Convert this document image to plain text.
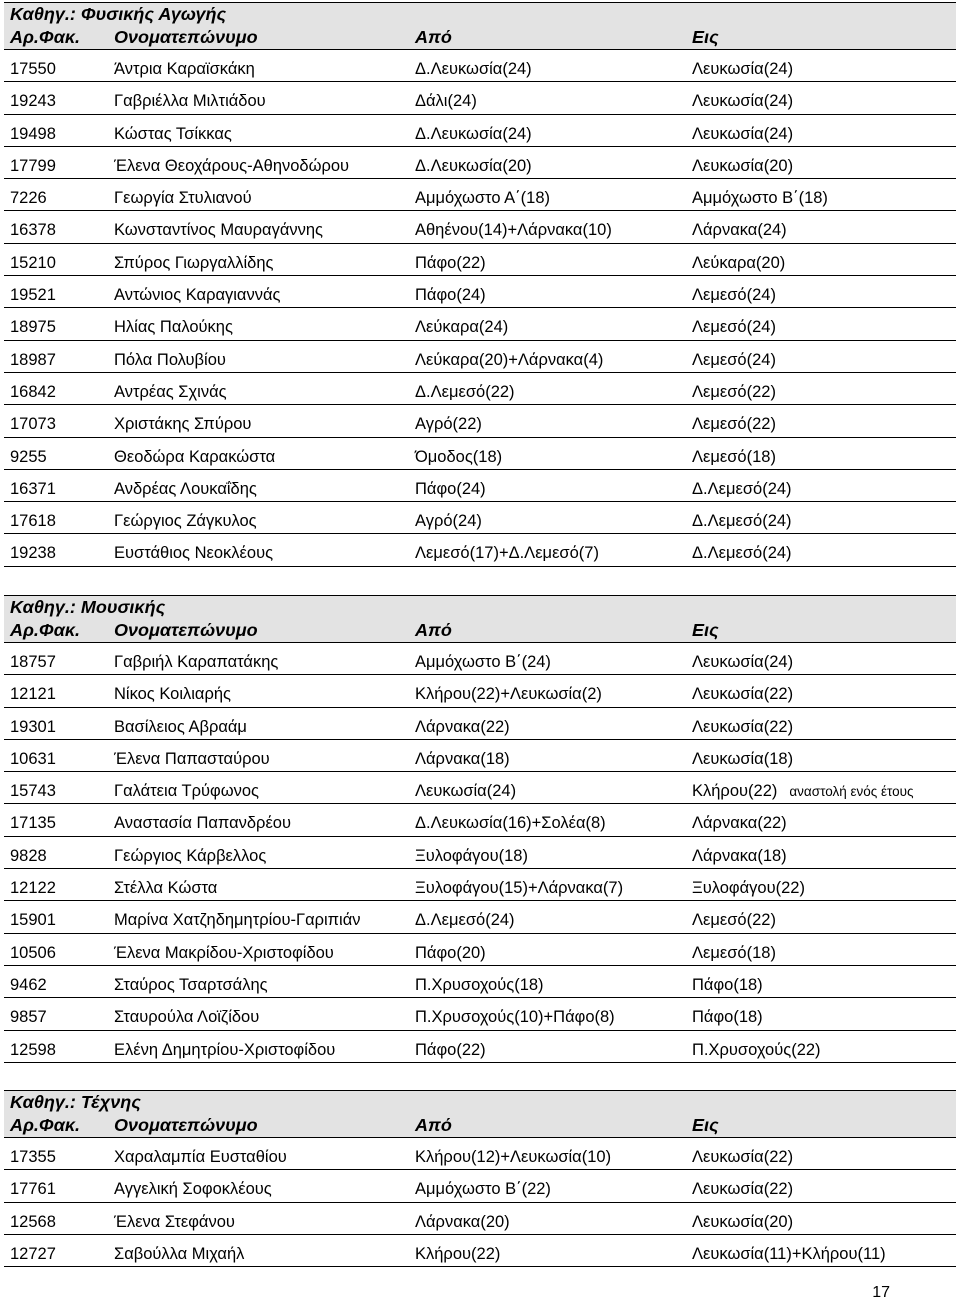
Καθηγ.: Φυσικής Αγωγής
Αρ.Φακ. Ονοματεπώνυμο	Από	Εις
17550	Άντρια Καραϊσκάκη	Δ.Λευκωσία(24)	Λευκωσία(24)
19243	Γαβριέλλα Μιλτιάδου	Δάλι(24)	Λευκωσία(24)
19498	Κώστας Τσίκκας	Δ.Λευκωσία(24)	Λευκωσία(24)
17799	Έλενα Θεοχάρους-Αθηνοδώρου	Δ.Λευκωσία(20)	Λευκωσία(20)
7226	Γεωργία Στυλιανού	Αμμόχωστο Α΄(18)	Αμμόχωστο Β΄(18)
16378	Κωνσταντίνος Μαυραγάννης	Αθηένου(14)+Λάρνακα(10)	Λάρνακα(24)
15210	Σπύρος Γιωργαλλίδης	Πάφο(22)	Λεύκαρα(20)
19521	Αντώνιος Καραγιαννάς	Πάφο(24)	Λεμεσό(24)
18975	Ηλίας Παλούκης	Λεύκαρα(24)	Λεμεσό(24)
18987	Πόλα Πολυβίου	Λεύκαρα(20)+Λάρνακα(4)	Λεμεσό(24)
16842	Αντρέας Σχινάς	Δ.Λεμεσό(22)	Λεμεσό(22)
17073	Χριστάκης Σπύρου	Αγρό(22)	Λεμεσό(22)
9255	Θεοδώρα Καρακώστα	Όμοδος(18)	Λεμεσό(18)
16371	Ανδρέας Λουκαΐδης	Πάφο(24)	Δ.Λεμεσό(24)
17618	Γεώργιος Ζάγκυλος	Αγρό(24)	Δ.Λεμεσό(24)
19238	Ευστάθιος Νεοκλέους	Λεμεσό(17)+Δ.Λεμεσό(7)	Δ.Λεμεσό(24)
Καθηγ.: Μουσικής
Αρ.Φακ. Ονοματεπώνυμο	Από	Εις
18757	Γαβριήλ Καραπατάκης	Αμμόχωστο Β΄(24)	Λευκωσία(24)
12121	Νίκος Κοιλιαρής	Κλήρου(22)+Λευκωσία(2)	Λευκωσία(22)
19301	Βασίλειος Αβραάμ	Λάρνακα(22)	Λευκωσία(22)
10631	Έλενα Παπασταύρου	Λάρνακα(18)	Λευκωσία(18)
15743	Γαλάτεια Τρύφωνος	Λευκωσία(24)	Κλήρου(22) αναστολή ενός έτους
17135	Αναστασία Παπανδρέου	Δ.Λευκωσία(16)+Σολέα(8)	Λάρνακα(22)
9828	Γεώργιος Κάρβελλος	Ξυλοφάγου(18)	Λάρνακα(18)
12122	Στέλλα Κώστα	Ξυλοφάγου(15)+Λάρνακα(7)	Ξυλοφάγου(22)
15901	Μαρίνα Χατζηδημητρίου-Γαριπιάν	Δ.Λεμεσό(24)	Λεμεσό(22)
10506	Έλενα Μακρίδου-Χριστοφίδου	Πάφο(20)	Λεμεσό(18)
9462	Σταύρος Τσαρτσάλης	Π.Χρυσοχούς(18)	Πάφο(18)
9857	Σταυρούλα Λοϊζίδου	Π.Χρυσοχούς(10)+Πάφο(8)	Πάφο(18)
12598	Ελένη Δημητρίου-Χριστοφίδου	Πάφο(22)	Π.Χρυσοχούς(22)
Καθηγ.: Τέχνης
Αρ.Φακ. Ονοματεπώνυμο	Από	Εις
17355	Χαραλαμπία Ευσταθίου	Κλήρου(12)+Λευκωσία(10)	Λευκωσία(22)
17761	Αγγελική Σοφοκλέους	Αμμόχωστο Β΄(22)	Λευκωσία(22)
12568	Έλενα Στεφάνου	Λάρνακα(20)	Λευκωσία(20)
12727	Σαβούλλα Μιχαήλ	Κλήρου(22)	Λευκωσία(11)+Κλήρου(11)
17
